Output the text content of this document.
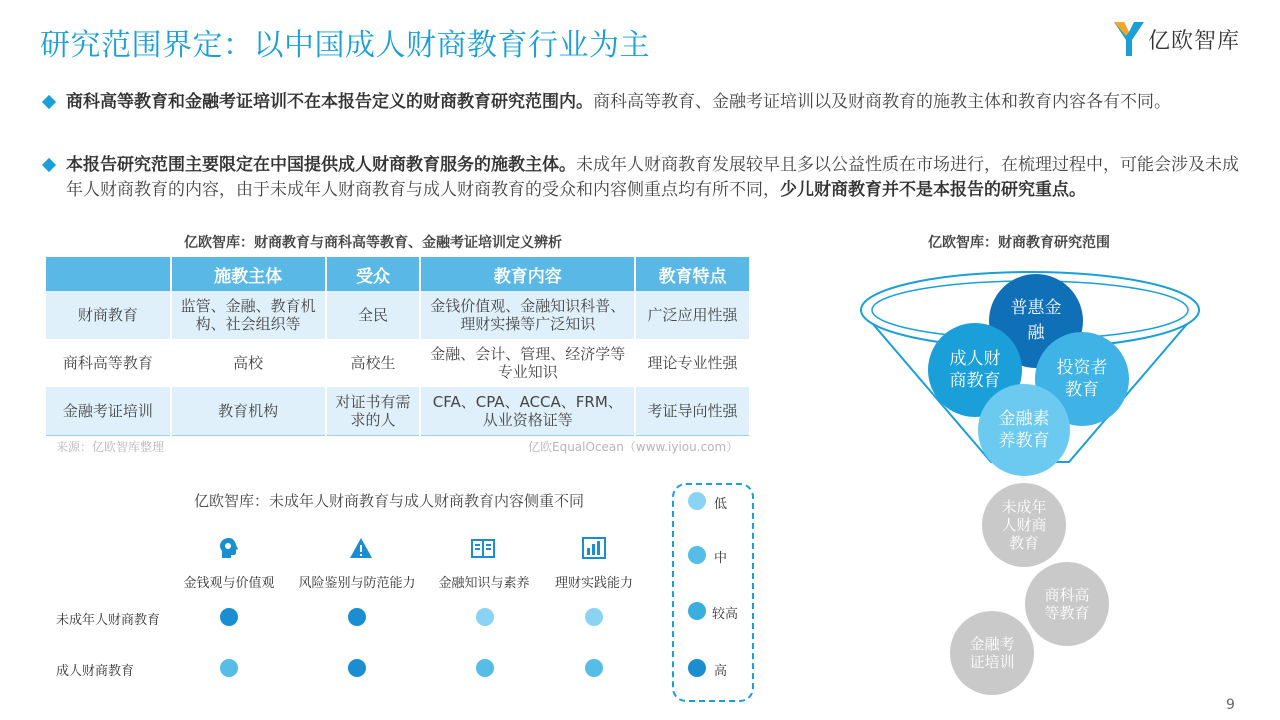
研究范围界定：以中国成人财商教育行业为主	亿欧智库
商科高等教育和金融考证培训不在本报告定义的财商教育研究范围内。商科高等教育、金融考证培训以及财商教育的施教主体和教育内容各有不同。
本报告研究范围主要限定在中国提供成人财商教育服务的施教主体。未成年人财商教育发展较早且多以公益性质在市场进行，在梳理过程中，可能会涉及未成年人财商教育的内容，由于未成年人财商教育与成人财商教育的受众和内容侧重点均有所不同，少儿财商教育并不是本报告的研究重点。
亿欧智库：财商教育与商科高等教育、金融考证培训定义辨析
	施教主体	受众	教育内容	教育特点
财商教育	监管、金融、教育机构、社会组织等	全民	金钱价值观、金融知识科普、理财实操等广泛知识	广泛应用性强
商科高等教育	高校	高校生	金融、会计、管理、经济学等专业知识	理论专业性强
金融考证培训	教育机构	对证书有需求的人	CFA、CPA、ACCA、FRM、从业资格证等	考证导向性强
来源：亿欧智库整理	亿欧EqualOcean（www.iyiou.com）
亿欧智库：财商教育研究范围
普惠金融
成人财商教育
投资者教育
金融素养教育
未成年人财商教育
商科高等教育
金融考证培训
亿欧智库：未成年人财商教育与成人财商教育内容侧重不同
金钱观与价值观	风险鉴别与防范能力	金融知识与素养	理财实践能力
未成年人财商教育
成人财商教育
低
中
较高
高
9
